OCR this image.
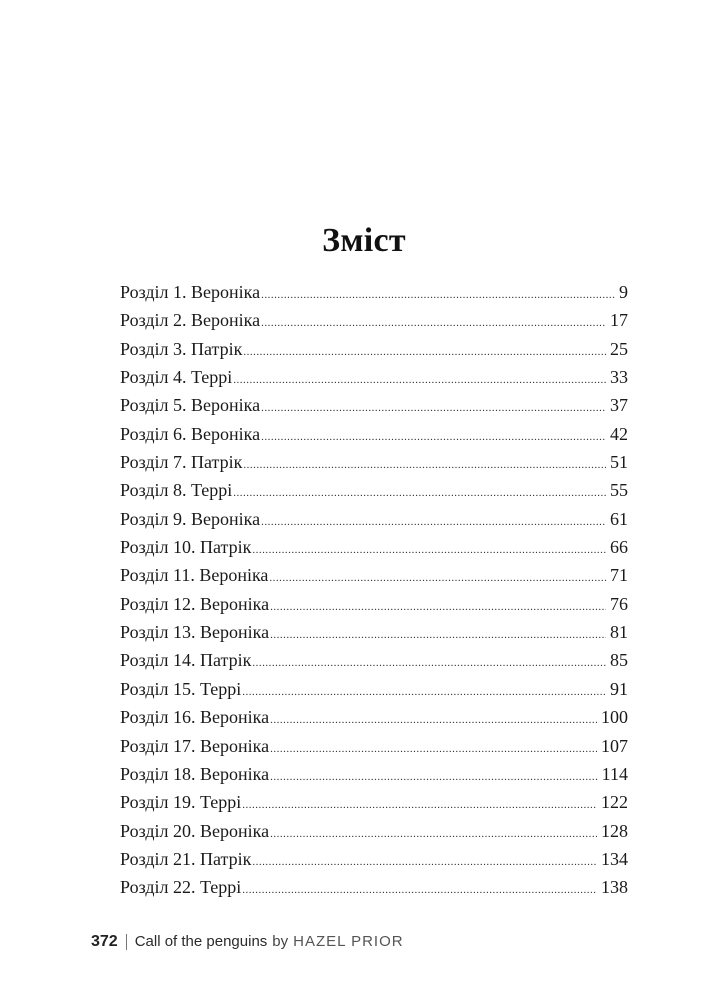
Зміст
Розділ 1. Вероніка .....	9
Розділ 2. Вероніка .....	17
Розділ 3. Патрік .....	25
Розділ 4. Террі .....	33
Розділ 5. Вероніка .....	37
Розділ 6. Вероніка .....	42
Розділ 7. Патрік .....	51
Розділ 8. Террі .....	55
Розділ 9. Вероніка .....	61
Розділ 10. Патрік .....	66
Розділ 11. Вероніка .....	71
Розділ 12. Вероніка .....	76
Розділ 13. Вероніка .....	81
Розділ 14. Патрік .....	85
Розділ 15. Террі .....	91
Розділ 16. Вероніка .....	100
Розділ 17. Вероніка .....	107
Розділ 18. Вероніка .....	114
Розділ 19. Террі .....	122
Розділ 20. Вероніка .....	128
Розділ 21. Патрік .....	134
Розділ 22. Террі .....	138
372 Call of the penguins by HAZEL PRIOR
